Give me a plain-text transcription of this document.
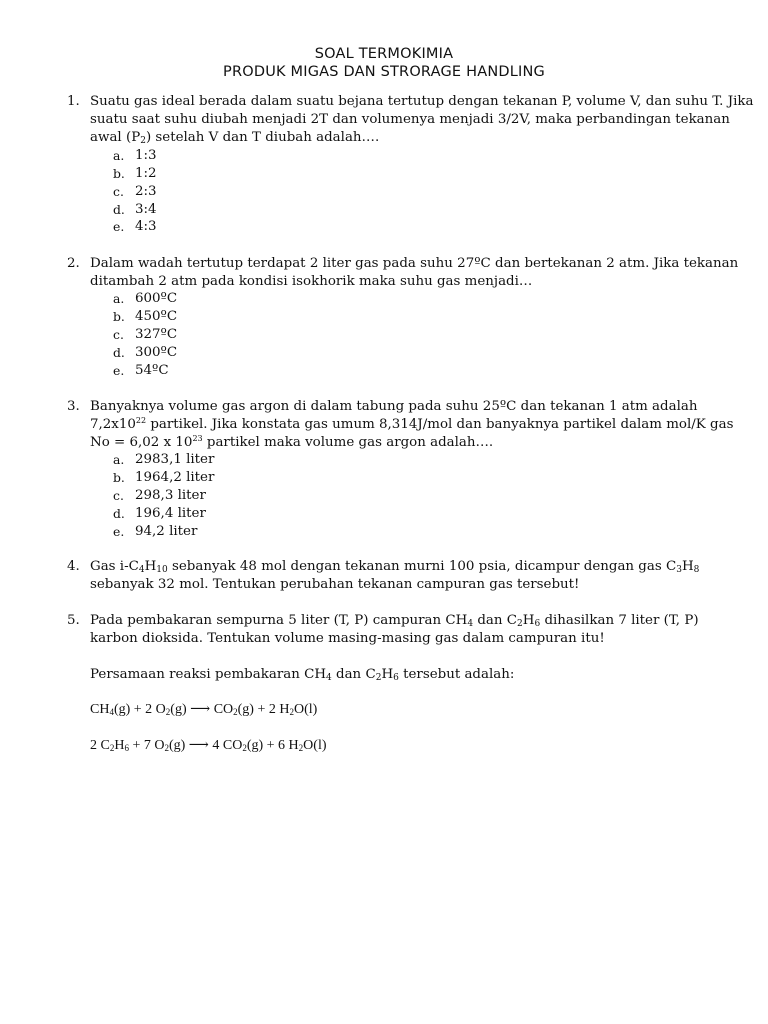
SOAL TERMOKIMIA
PRODUK MIGAS DAN STRORAGE HANDLING
1. Suatu gas ideal berada dalam suatu bejana tertutup dengan tekanan P, volume V, dan suhu T. Jika
suatu saat suhu diubah menjadi 2T dan volumenya menjadi 3/2V, maka perbandingan tekanan
awal $(P_2)$ setelah V dan T diubah adalah….
a. 1:3
b. 1:2
c. 2:3
d. 3:4
e. 4:3
2. Dalam wadah tertutup terdapat 2 liter gas pada suhu 27ºC dan bertekanan 2 atm. Jika tekanan
ditambah 2 atm pada kondisi isokhorik maka suhu gas menjadi…
a. 600ºC
b. 450ºC
c. 327ºC
d. 300ºC
e. 54ºC
3. Banyaknya volume gas argon di dalam tabung pada suhu 25ºC dan tekanan 1 atm adalah
$7,2x10^{22}$ partikel. Jika konstata gas umum 8,314J/mol dan banyaknya partikel dalam mol/K gas
No = 6,02 x $10^{23}$ partikel maka volume gas argon adalah….
a. 2983,1 liter
b. 1964,2 liter
c. 298,3 liter
d. 196,4 liter
e. 94,2 liter
4. Gas $i-C_4H_{10}$ sebanyak 48 mol dengan tekanan murni 100 psia, dicampur dengan gas $C_3H_8$
sebanyak 32 mol. Tentukan perubahan tekanan campuran gas tersebut!
5. Pada pembakaran sempurna 5 liter (T, P) campuran $CH_4$ dan $C_2H_6$ dihasilkan 7 liter (T, P)
karbon dioksida. Tentukan volume masing-masing gas dalam campuran itu!
Persamaan reaksi pembakaran $CH_4$ dan $C_2H_6$ tersebut adalah:
$CH_4(g) + 2$ $O_2(g)$ ⟶ $CO_2(g) + 2$ $H_2O(l)$
2 $C_2H_6 + 7$ $O_2(g)$ ⟶ 4 $CO_2(g) + 6$ $H_2O(l)$
